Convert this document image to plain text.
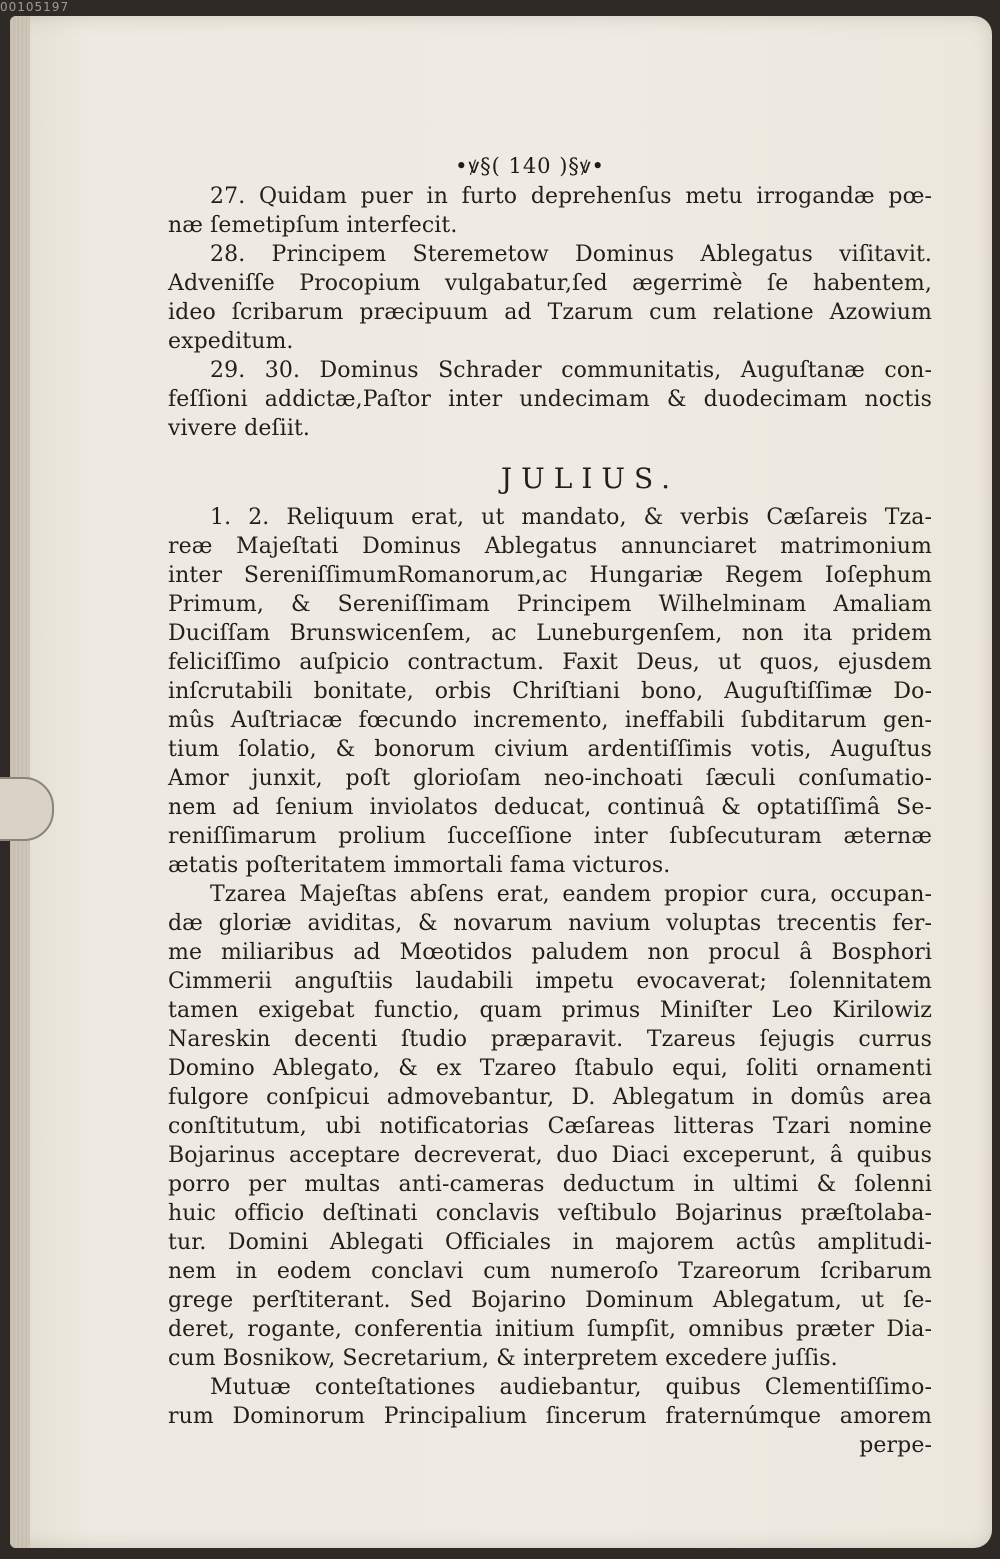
00105197
•ꝟ§( 140 )§ꝟ•
27. Quidam puer in furto deprehenſus metu irrogandæ pœ-
næ ſemetipſum interfecit.
28. Principem Steremetow Dominus Ablegatus viſitavit.
Adveniſſe Procopium vulgabatur,ſed ægerrimè ſe habentem,
ideo ſcribarum præcipuum ad Tzarum cum relatione Azowium
expeditum.
29. 30. Dominus Schrader communitatis, Auguſtanæ con-
feſſioni addictæ,Paſtor inter undecimam & duodecimam noctis
vivere deſiit.
JULIUS.
1. 2. Reliquum erat, ut mandato, & verbis Cæſareis Tza-
reæ Majeſtati Dominus Ablegatus annunciaret matrimonium
inter SereniſſimumRomanorum,ac Hungariæ Regem Ioſephum
Primum, & Sereniſſimam Principem Wilhelminam Amaliam
Duciſſam Brunswicenſem, ac Luneburgenſem, non ita pridem
feliciſſimo auſpicio contractum. Faxit Deus, ut quos, ejusdem
inſcrutabili bonitate, orbis Chriſtiani bono, Auguſtiſſimæ Do-
mûs Auſtriacæ fœcundo incremento, ineffabili ſubditarum gen-
tium ſolatio, & bonorum civium ardentiſſimis votis, Auguſtus
Amor junxit, poſt glorioſam neo-inchoati ſæculi conſumatio-
nem ad ſenium inviolatos deducat, continuâ & optatiſſimâ Se-
reniſſimarum prolium ſucceſſione inter ſubſecuturam æternæ
ætatis poſteritatem immortali fama victuros.
Tzarea Majeſtas abſens erat, eandem propior cura, occupan-
dæ gloriæ aviditas, & novarum navium voluptas trecentis fer-
me miliaribus ad Mœotidos paludem non procul â Bosphori
Cimmerii anguſtiis laudabili impetu evocaverat; ſolennitatem
tamen exigebat functio, quam primus Miniſter Leo Kirilowiz
Nareskin decenti ſtudio præparavit. Tzareus ſejugis currus
Domino Ablegato, & ex Tzareo ſtabulo equi, ſoliti ornamenti
fulgore conſpicui admovebantur, D. Ablegatum in domûs area
conſtitutum, ubi notificatorias Cæſareas litteras Tzari nomine
Bojarinus acceptare decreverat, duo Diaci exceperunt, â quibus
porro per multas anti-cameras deductum in ultimi & ſolenni
huic officio deſtinati conclavis veſtibulo Bojarinus præſtolaba-
tur. Domini Ablegati Officiales in majorem actûs amplitudi-
nem in eodem conclavi cum numeroſo Tzareorum ſcribarum
grege perſtiterant. Sed Bojarino Dominum Ablegatum, ut ſe-
deret, rogante, conferentia initium ſumpſit, omnibus præter Dia-
cum Bosnikow, Secretarium, & interpretem excedere juſſis.
Mutuæ conteſtationes audiebantur, quibus Clementiſſimo-
rum Dominorum Principalium ſincerum fraternúmque amorem
perpe-
